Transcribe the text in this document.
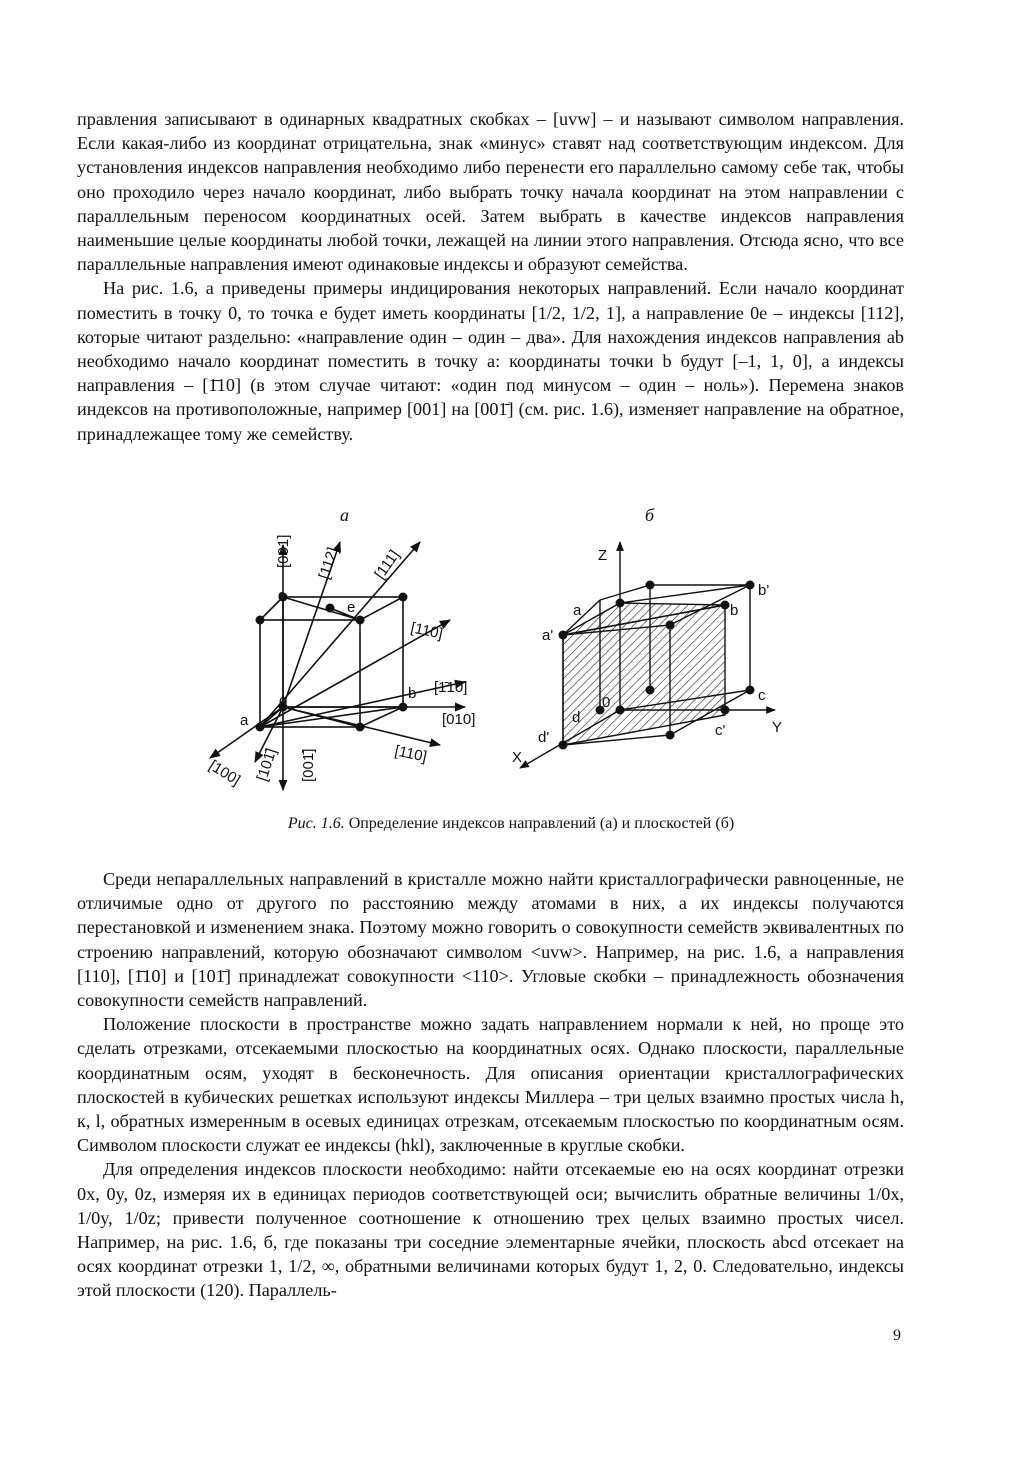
правления записывают в одинарных квадратных скобках – [uvw] – и называют символом направления. Если какая-либо из координат отрицательна, знак «минус» ставят над соответствующим индексом. Для установления индексов направления необходимо либо перенести его параллельно самому себе так, чтобы оно проходило через начало координат, либо выбрать точку начала координат на этом направлении с параллельным переносом координатных осей. Затем выбрать в качестве индексов направления наименьшие целые координаты любой точки, лежащей на линии этого направления. Отсюда ясно, что все параллельные направления имеют одинаковые индексы и образуют семейства.

На рис. 1.6, а приведены примеры индицирования некоторых направлений. Если начало координат поместить в точку 0, то точка e будет иметь координаты [1/2, 1/2, 1], а направление 0e – индексы [112], которые читают раздельно: «направление один – один – два». Для нахождения индексов направления ab необходимо начало координат поместить в точку a: координаты точки b будут [–1, 1, 0], а индексы направления – [1̄10] (в этом случае читают: «один под минусом – один – ноль»). Перемена знаков индексов на противоположные, например [001] на [001̄] (см. рис. 1.6), изменяет направление на обратное, принадлежащее тому же семейству.

а	б
[001] [112] [111]
[110]
[1̄10]
[010]
[100] [101̄] [001̄]	[110]
c
e
0
a
b
Z
Y
X
a
a'
b
b'
c
c'
d
d'
0
Рис. 1.6. Определение индексов направлений (а) и плоскостей (б)

Среди непараллельных направлений в кристалле можно найти кристаллографически равноценные, не отличимые одно от другого по расстоянию между атомами в них, а их индексы получаются перестановкой и изменением знака. Поэтому можно говорить о совокупности семейств эквивалентных по строению направлений, которую обозначают символом <uvw>. Например, на рис. 1.6, а направления [110], [1̄10] и [101̄] принадлежат совокупности <110>. Угловые скобки – принадлежность обозначения совокупности семейств направлений.

Положение плоскости в пространстве можно задать направлением нормали к ней, но проще это сделать отрезками, отсекаемыми плоскостью на координатных осях. Однако плоскости, параллельные координатным осям, уходят в бесконечность. Для описания ориентации кристаллографических плоскостей в кубических решетках используют индексы Миллера – три целых взаимно простых числа h, к, l, обратных измеренным в осевых единицах отрезкам, отсекаемым плоскостью по координатным осям. Символом плоскости служат ее индексы (hkl), заключенные в круглые скобки.

Для определения индексов плоскости необходимо: найти отсекаемые ею на осях координат отрезки 0x, 0y, 0z, измеряя их в единицах периодов соответствующей оси; вычислить обратные величины 1/0x, 1/0y, 1/0z; привести полученное соотношение к отношению трех целых взаимно простых чисел. Например, на рис. 1.6, б, где показаны три соседние элементарные ячейки, плоскость abcd отсекает на осях координат отрезки 1, 1/2, ∞, обратными величинами которых будут 1, 2, 0. Следовательно, индексы этой плоскости (120). Параллель-

9
